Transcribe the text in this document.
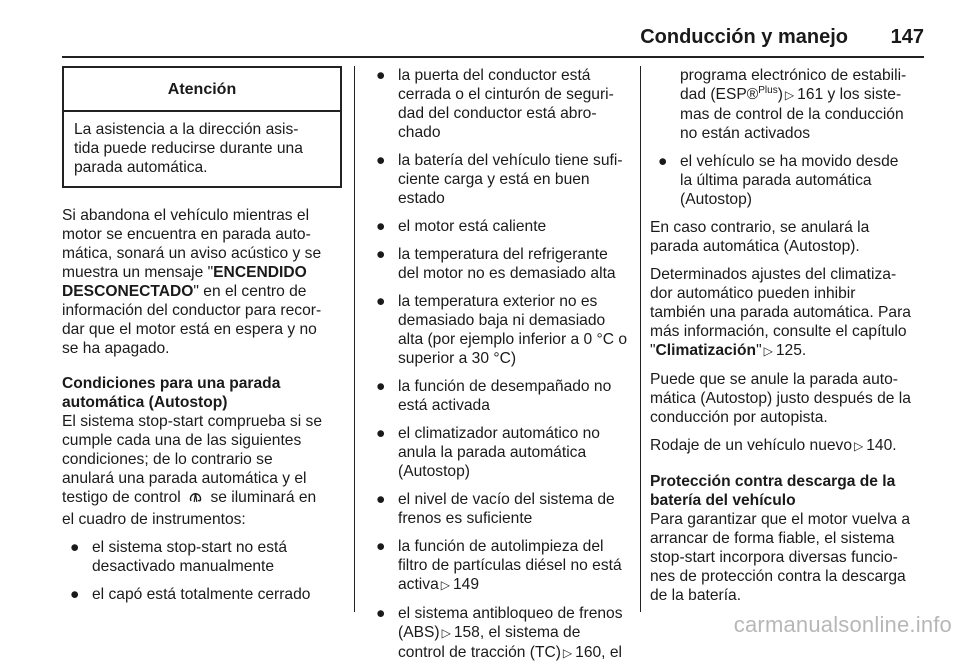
Conducción y manejo 147
Atención
La asistencia a la dirección asis-
tida puede reducirse durante una
parada automática.
Si abandona el vehículo mientras el
motor se encuentra en parada auto-
mática, sonará un aviso acústico y se
muestra un mensaje "ENCENDIDO
DESCONECTADO" en el centro de
información del conductor para recor-
dar que el motor está en espera y no
se ha apagado.
Condiciones para una parada
automática (Autostop)
El sistema stop-start comprueba si se
cumple cada una de las siguientes
condiciones; de lo contrario se
anulará una parada automática y el
testigo de control se iluminará en
el cuadro de instrumentos:
● el sistema stop-start no está
desactivado manualmente
● el capó está totalmente cerrado
● la puerta del conductor está
cerrada o el cinturón de seguri-
dad del conductor está abro-
chado
● la batería del vehículo tiene sufi-
ciente carga y está en buen
estado
● el motor está caliente
● la temperatura del refrigerante
del motor no es demasiado alta
● la temperatura exterior no es
demasiado baja ni demasiado
alta (por ejemplo inferior a 0 °C o
superior a 30 °C)
● la función de desempañado no
está activada
● el climatizador automático no
anula la parada automática
(Autostop)
● el nivel de vacío del sistema de
frenos es suficiente
● la función de autolimpieza del
filtro de partículas diésel no está
activa ▷ 149
● el sistema antibloqueo de frenos
(ABS) ▷ 158, el sistema de
control de tracción (TC) ▷ 160, el
programa electrónico de estabili-
dad (ESP®$^{Plus}$) ▷ 161 y los siste-
mas de control de la conducción
no están activados
● el vehículo se ha movido desde
la última parada automática
(Autostop)
En caso contrario, se anulará la
parada automática (Autostop).
Determinados ajustes del climatiza-
dor automático pueden inhibir
también una parada automática. Para
más información, consulte el capítulo
"Climatización" ▷ 125.
Puede que se anule la parada auto-
mática (Autostop) justo después de la
conducción por autopista.
Rodaje de un vehículo nuevo ▷ 140.
Protección contra descarga de la
batería del vehículo
Para garantizar que el motor vuelva a
arrancar de forma fiable, el sistema
stop-start incorpora diversas funcio-
nes de protección contra la descarga
de la batería.
carmanualsonline.info
